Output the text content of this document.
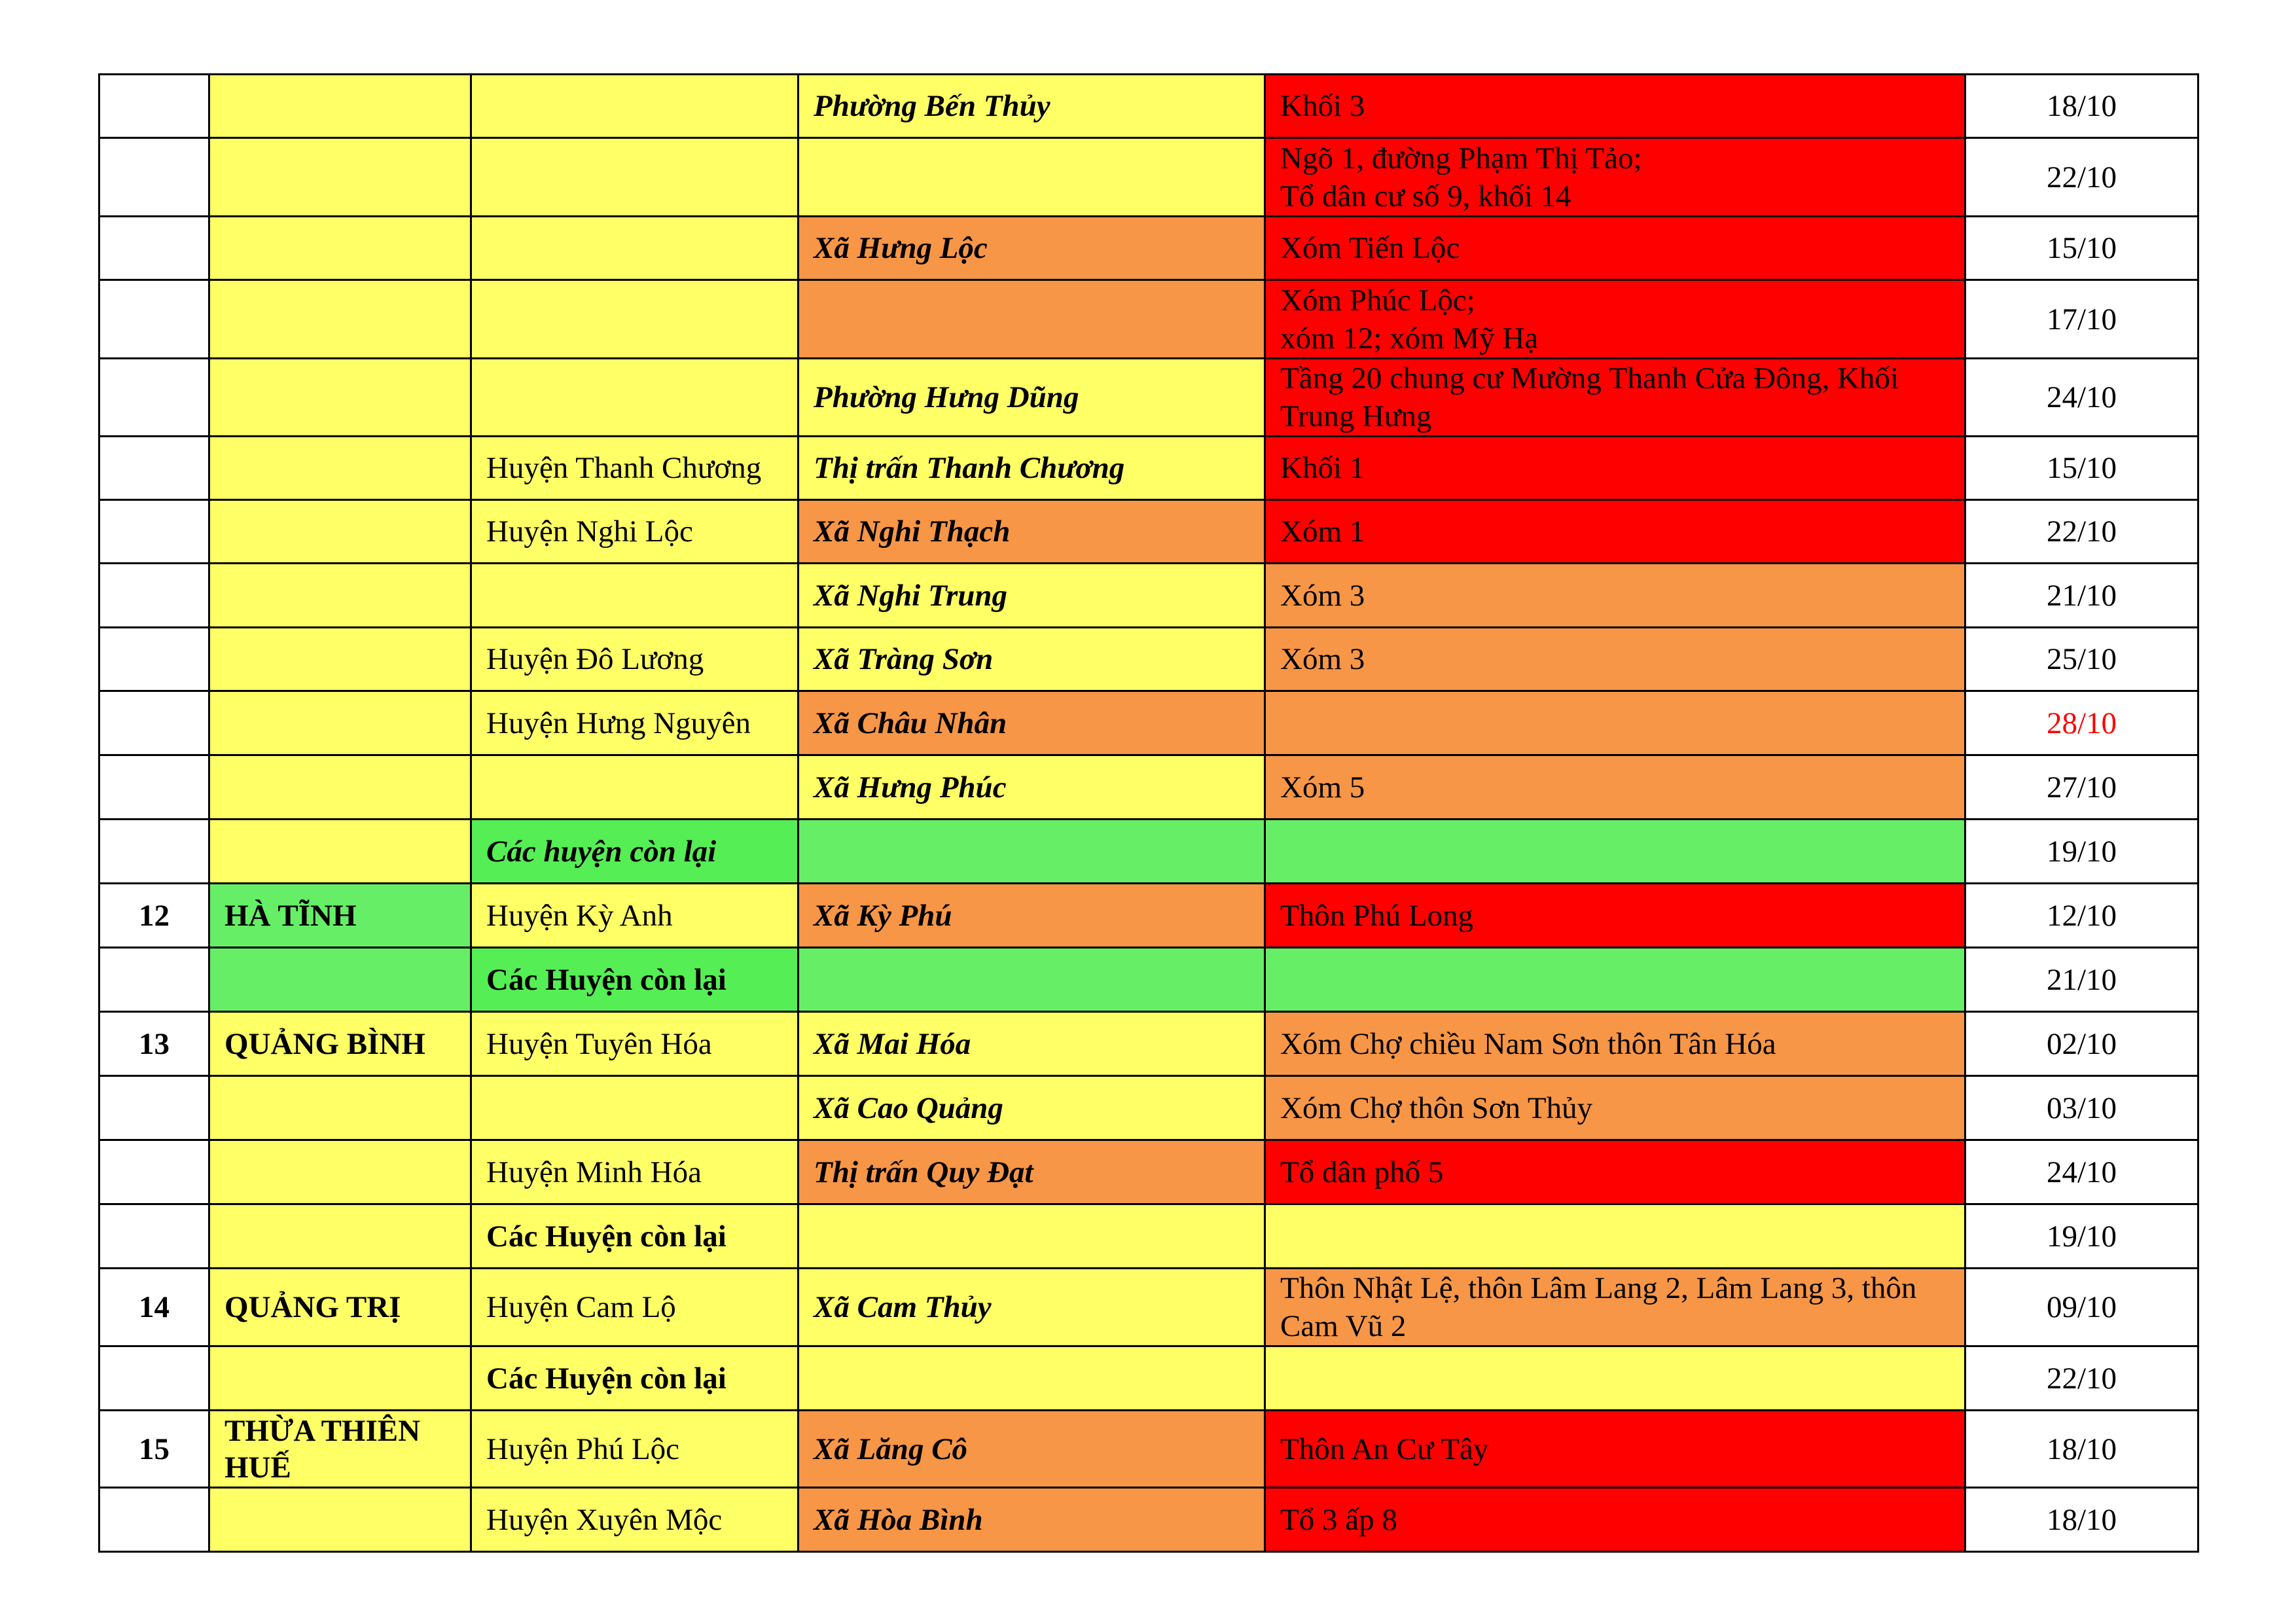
			Phường Bến Thủy	Khối 3	18/10
				Ngõ 1, đường Phạm Thị Tảo;
Tổ dân cư số 9, khối 14	22/10
			Xã Hưng Lộc	Xóm Tiến Lộc	15/10
				Xóm Phúc Lộc;
xóm 12; xóm Mỹ Hạ	17/10
			Phường Hưng Dũng	Tầng 20 chung cư Mường Thanh Cửa Đông, Khối Trung Hưng	24/10
		Huyện Thanh Chương	Thị trấn Thanh Chương	Khối 1	15/10
		Huyện Nghi Lộc	Xã Nghi Thạch	Xóm 1	22/10
			Xã Nghi Trung	Xóm 3	21/10
		Huyện Đô Lương	Xã Tràng Sơn	Xóm 3	25/10
		Huyện Hưng Nguyên	Xã Châu Nhân		28/10
			Xã Hưng Phúc	Xóm 5	27/10
		Các huyện còn lại			19/10
12	HÀ TĨNH	Huyện Kỳ Anh	Xã Kỳ Phú	Thôn Phú Long	12/10
		Các Huyện còn lại			21/10
13	QUẢNG BÌNH	Huyện Tuyên Hóa	Xã Mai Hóa	Xóm Chợ chiều Nam Sơn thôn Tân Hóa	02/10
			Xã Cao Quảng	Xóm Chợ thôn Sơn Thủy	03/10
		Huyện Minh Hóa	Thị trấn Quy Đạt	Tổ dân phố 5	24/10
		Các Huyện còn lại			19/10
14	QUẢNG TRỊ	Huyện Cam Lộ	Xã Cam Thủy	Thôn Nhật Lệ, thôn Lâm Lang 2, Lâm Lang 3, thôn Cam Vũ 2	09/10
		Các Huyện còn lại			22/10
15	THỪA THIÊN HUẾ	Huyện Phú Lộc	Xã Lăng Cô	Thôn An Cư Tây	18/10
		Huyện Xuyên Mộc	Xã Hòa Bình	Tổ 3 ấp 8	18/10
